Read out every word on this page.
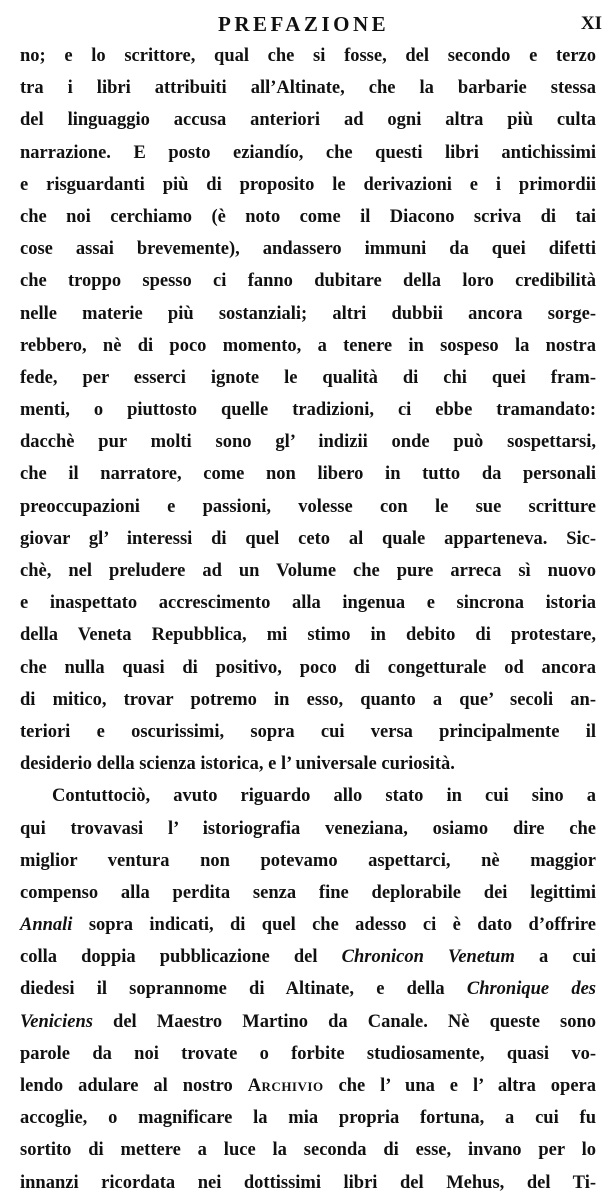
PREFAZIONE	XI
no; e lo scrittore, qual che si fosse, del secondo e terzo
tra i libri attribuiti all’Altinate, che la barbarie stessa
del linguaggio accusa anteriori ad ogni altra più culta
narrazione. E posto eziandío, che questi libri antichissimi
e risguardanti più di proposito le derivazioni e i primordii
che noi cerchiamo (è noto come il Diacono scriva di tai
cose assai brevemente), andassero immuni da quei difetti
che troppo spesso ci fanno dubitare della loro credibilità
nelle materie più sostanziali; altri dubbii ancora sorge-
rebbero, nè di poco momento, a tenere in sospeso la nostra
fede, per esserci ignote le qualità di chi quei fram-
menti, o piuttosto quelle tradizioni, ci ebbe tramandato:
dacchè pur molti sono gl’ indizii onde può sospettarsi,
che il narratore, come non libero in tutto da personali
preoccupazioni e passioni, volesse con le sue scritture
giovar gl’ interessi di quel ceto al quale apparteneva. Sic-
chè, nel preludere ad un Volume che pure arreca sì nuovo
e inaspettato accrescimento alla ingenua e sincrona istoria
della Veneta Repubblica, mi stimo in debito di protestare,
che nulla quasi di positivo, poco di congetturale od ancora
di mitico, trovar potremo in esso, quanto a que’ secoli an-
teriori e oscurissimi, sopra cui versa principalmente il
desiderio della scienza istorica, e l’ universale curiosità.
Contuttociò, avuto riguardo allo stato in cui sino a
qui trovavasi l’ istoriografia veneziana, osiamo dire che
miglior ventura non potevamo aspettarci, nè maggior
compenso alla perdita senza fine deplorabile dei legittimi
Annali sopra indicati, di quel che adesso ci è dato d’offrire
colla doppia pubblicazione del Chronicon Venetum a cui
diedesi il soprannome di Altinate, e della Chronique des
Veniciens del Maestro Martino da Canale. Nè queste sono
parole da noi trovate o forbite studiosamente, quasi vo-
lendo adulare al nostro Archivio che l’ una e l’ altra opera
accoglie, o magnificare la mia propria fortuna, a cui fu
sortito di mettere a luce la seconda di esse, invano per lo
innanzi ricordata nei dottissimi libri del Mehus, del Ti-
